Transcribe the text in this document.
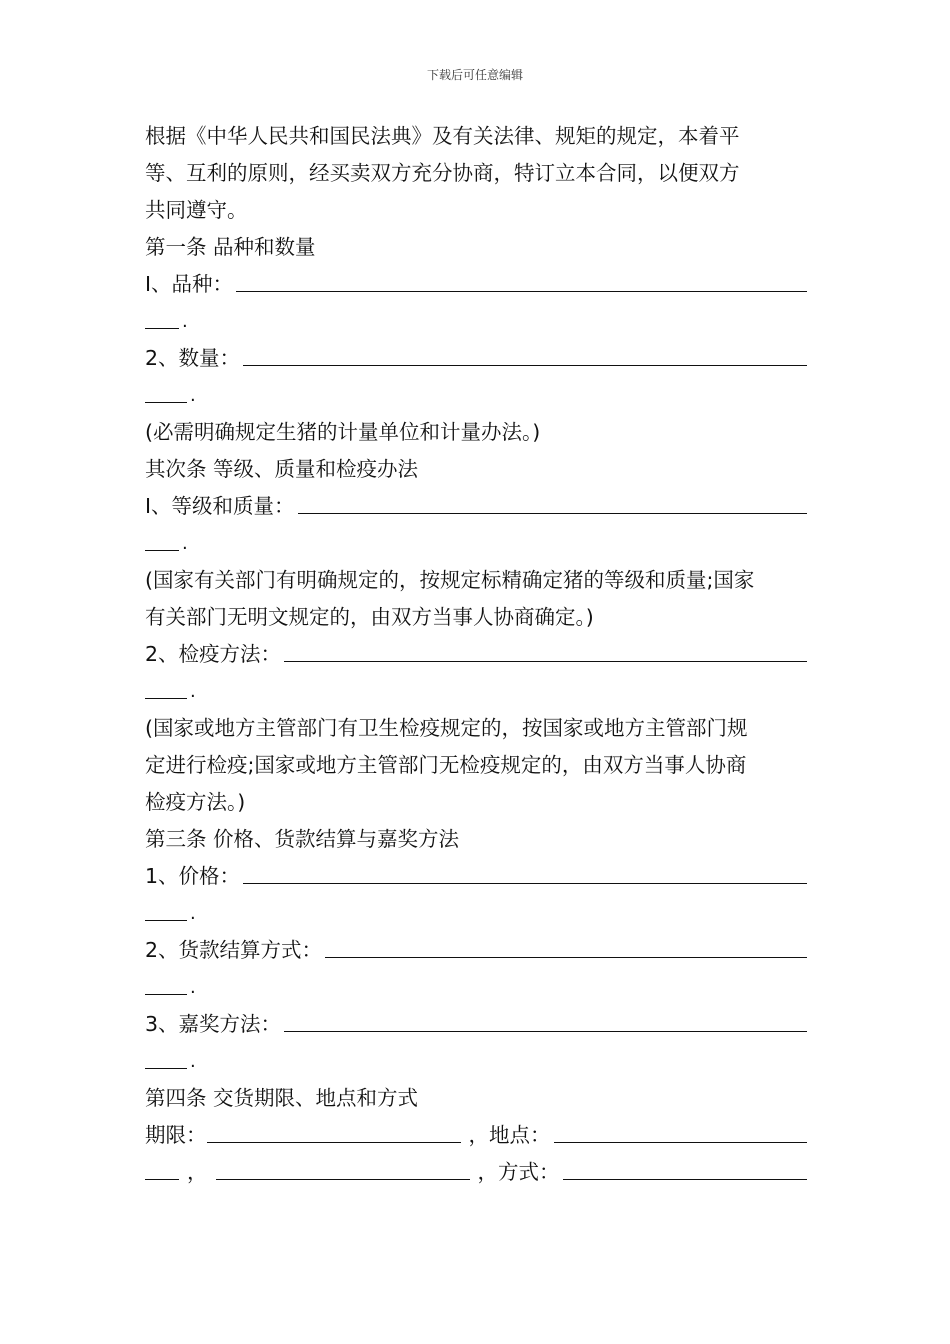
下载后可任意编辑
根据《中华人民共和国民法典》及有关法律、规矩的规定，本着平
等、互利的原则，经买卖双方充分协商，特订立本合同，以便双方
共同遵守。
第一条 品种和数量
I、品种：
.
2、数量：
.
(必需明确规定生猪的计量单位和计量办法。)
其次条 等级、质量和检疫办法
I、等级和质量：
.
(国家有关部门有明确规定的，按规定标精确定猪的等级和质量;国家
有关部门无明文规定的，由双方当事人协商确定。)
2、检疫方法：
.
(国家或地方主管部门有卫生检疫规定的，按国家或地方主管部门规
定进行检疫;国家或地方主管部门无检疫规定的，由双方当事人协商
检疫方法。)
第三条 价格、货款结算与嘉奖方法
1、价格：
.
2、货款结算方式：
.
3、嘉奖方法：
.
第四条 交货期限、地点和方式
期限：	，地点：
，	，方式：
